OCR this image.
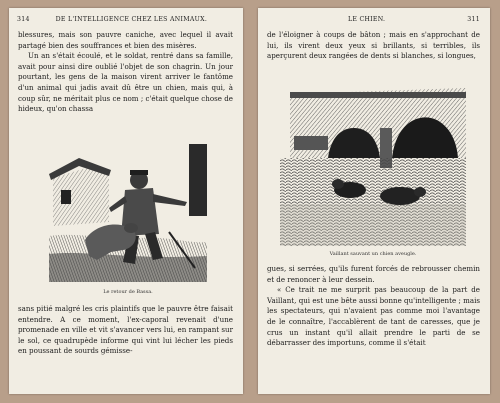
314	DE L'INTELLIGENCE CHEZ LES ANIMAUX.

blessures, mais son pauvre caniche, avec lequel il avait partagé bien des souffrances et bien des misères.

Un an s'était écoulé, et le soldat, rentré dans sa famille, avait pour ainsi dire oublié l'objet de son chagrin. Un jour pourtant, les gens de la maison virent arriver le fantôme d'un animal qui jadis avait dû être un chien, mais qui, à coup sûr, ne méritait plus ce nom ; c'était quelque chose de hideux, qu'on chassa

Le retour de Bassa.

sans pitié malgré les cris plaintifs que le pauvre être faisait entendre. A ce moment, l'ex-caporal revenait d'une promenade en ville et vit s'avancer vers lui, en rampant sur le sol, ce quadrupède informe qui vint lui lécher les pieds en poussant de sourds gémisse-

LE CHIEN.	311

de l'éloigner à coups de bâton ; mais en s'approchant de lui, ils virent deux yeux si brillants, si terribles, ils aperçurent deux rangées de dents si blanches, si longues,

Vaillant sauvant un chien aveugle.

gues, si serrées, qu'ils furent forcés de rebrousser chemin et de renoncer à leur dessein.

« Ce trait ne me surprit pas beaucoup de la part de Vaillant, qui est une bête aussi bonne qu'intelligente ; mais les spectateurs, qui n'avaient pas comme moi l'avantage de le connaître, l'accablèrent de tant de caresses, que je crus un instant qu'il allait prendre le parti de se débarrasser des importuns, comme il s'était
